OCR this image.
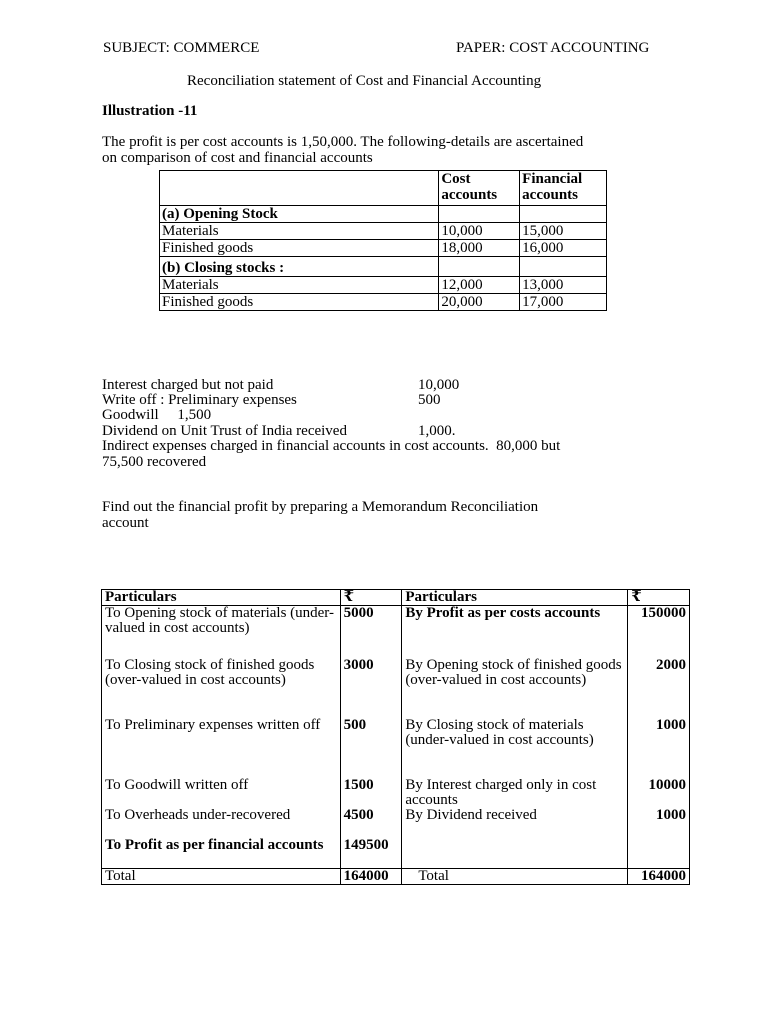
SUBJECT: COMMERCE	PAPER: COST ACCOUNTING
Reconciliation statement of Cost and Financial Accounting
Illustration -11
The profit is per cost accounts is 1,50,000. The following-details are ascertained
on comparison of cost and financial accounts
	Cost accounts	Financial accounts
(a) Opening Stock		
Materials	10,000	15,000
Finished goods	18,000	16,000
(b) Closing stocks :		
Materials	12,000	13,000
Finished goods	20,000	17,000
Interest charged but not paid	10,000
Write off : Preliminary expenses	500
Goodwill     1,500
Dividend on Unit Trust of India received	1,000.
Indirect expenses charged in financial accounts in cost accounts.  80,000 but
75,500 recovered
Find out the financial profit by preparing a Memorandum Reconciliation
account
Particulars	₹	Particulars	₹
To Opening stock of materials (under-valued in cost accounts)	5000	By Profit as per costs accounts	150000
To Closing stock of finished goods (over-valued in cost accounts)	3000	By Opening stock of finished goods (over-valued in cost accounts)	2000
To Preliminary expenses written off	500	By Closing stock of materials (under-valued in cost accounts)	1000
To Goodwill written off	1500	By Interest charged only in cost accounts	10000
To Overheads under-recovered	4500	By Dividend received	1000
To Profit as per financial accounts	149500		
Total	164000	Total	164000
